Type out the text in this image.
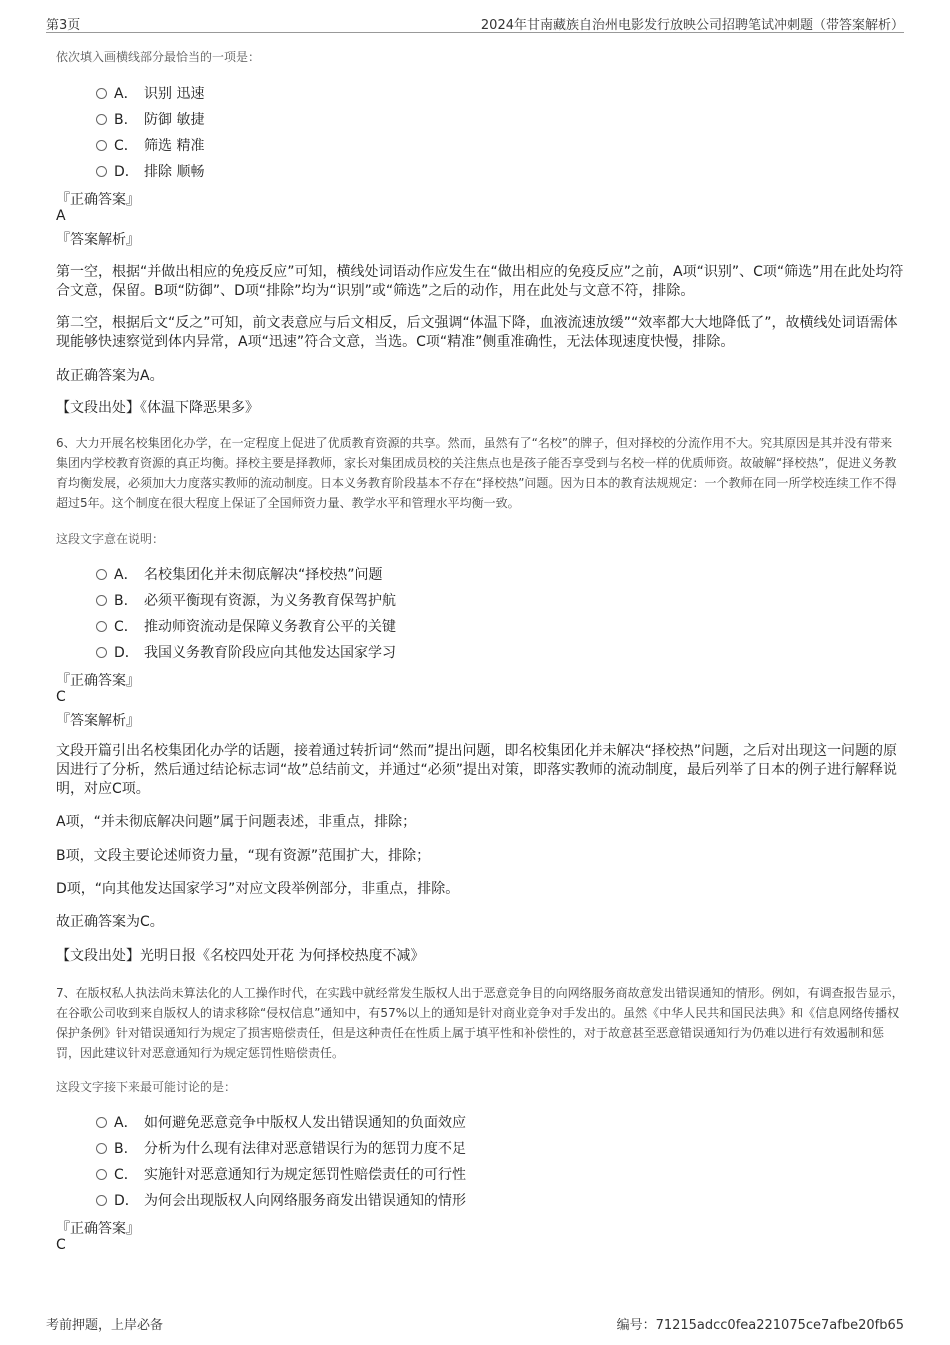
第3页	2024年甘南藏族自治州电影发行放映公司招聘笔试冲刺题（带答案解析）
依次填入画横线部分最恰当的一项是：
A． 识别 迅速
B. 防御 敏捷
C． 筛选 精准
D． 排除 顺畅
『正确答案』
A
『答案解析』
第一空，根据“并做出相应的免疫反应”可知，横线处词语动作应发生在“做出相应的免疫反应”之前，A项“识别”、C项“筛选”用在此处均符合文意，保留。B项“防御”、D项“排除”均为“识别”或“筛选”之后的动作，用在此处与文意不符，排除。
第二空，根据后文“反之”可知，前文表意应与后文相反，后文强调“体温下降，血液流速放缓”“效率都大大地降低了”，故横线处词语需体现能够快速察觉到体内异常，A项“迅速”符合文意，当选。C项“精准”侧重准确性，无法体现速度快慢，排除。
故正确答案为A。
【文段出处】《体温下降恶果多》
6、大力开展名校集团化办学，在一定程度上促进了优质教育资源的共享。然而，虽然有了“名校”的牌子，但对择校的分流作用不大。究其原因是其并没有带来集团内学校教育资源的真正均衡。择校主要是择教师，家长对集团成员校的关注焦点也是孩子能否享受到与名校一样的优质师资。故破解“择校热”，促进义务教育均衡发展，必须加大力度落实教师的流动制度。日本义务教育阶段基本不存在“择校热”问题。因为日本的教育法规规定：一个教师在同一所学校连续工作不得超过5年。这个制度在很大程度上保证了全国师资力量、教学水平和管理水平均衡一致。
这段文字意在说明：
A． 名校集团化并未彻底解决“择校热”问题
B. 必须平衡现有资源，为义务教育保驾护航
C． 推动师资流动是保障义务教育公平的关键
D． 我国义务教育阶段应向其他发达国家学习
『正确答案』
C
『答案解析』
文段开篇引出名校集团化办学的话题，接着通过转折词“然而”提出问题，即名校集团化并未解决“择校热”问题，之后对出现这一问题的原因进行了分析，然后通过结论标志词“故”总结前文，并通过“必须”提出对策，即落实教师的流动制度，最后列举了日本的例子进行解释说明，对应C项。
A项，“并未彻底解决问题”属于问题表述，非重点，排除；
B项，文段主要论述师资力量，“现有资源”范围扩大，排除；
D项，“向其他发达国家学习”对应文段举例部分，非重点，排除。
故正确答案为C。
【文段出处】光明日报《名校四处开花 为何择校热度不减》
7、在版权私人执法尚未算法化的人工操作时代，在实践中就经常发生版权人出于恶意竞争目的向网络服务商故意发出错误通知的情形。例如，有调查报告显示，在谷歌公司收到来自版权人的请求移除“侵权信息”通知中，有57%以上的通知是针对商业竞争对手发出的。虽然《中华人民共和国民法典》和《信息网络传播权保护条例》针对错误通知行为规定了损害赔偿责任，但是这种责任在性质上属于填平性和补偿性的，对于故意甚至恶意错误通知行为仍难以进行有效遏制和惩罚，因此建议针对恶意通知行为规定惩罚性赔偿责任。
这段文字接下来最可能讨论的是：
A． 如何避免恶意竞争中版权人发出错误通知的负面效应
B. 分析为什么现有法律对恶意错误行为的惩罚力度不足
C． 实施针对恶意通知行为规定惩罚性赔偿责任的可行性
D． 为何会出现版权人向网络服务商发出错误通知的情形
『正确答案』
C
考前押题，上岸必备	编号：71215adcc0fea221075ce7afbe20fb65
